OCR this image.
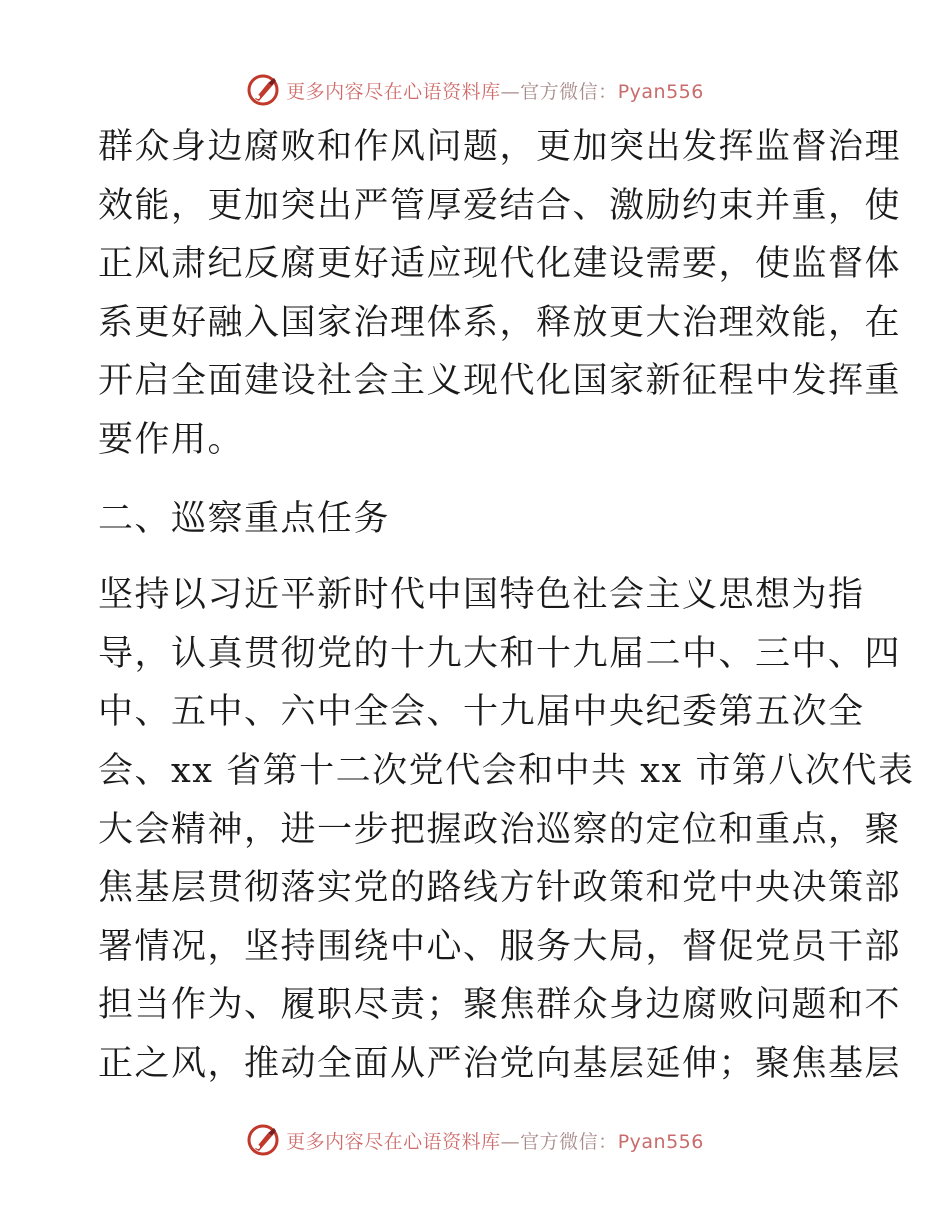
更多内容尽在心语资料库—官方微信：Pyan556
群众身边腐败和作风问题，更加突出发挥监督治理
效能，更加突出严管厚爱结合、激励约束并重，使
正风肃纪反腐更好适应现代化建设需要，使监督体
系更好融入国家治理体系，释放更大治理效能，在
开启全面建设社会主义现代化国家新征程中发挥重
要作用。
二、巡察重点任务
坚持以习近平新时代中国特色社会主义思想为指
导，认真贯彻党的十九大和十九届二中、三中、四
中、五中、六中全会、十九届中央纪委第五次全
会、xx 省第十二次党代会和中共 xx 市第八次代表
大会精神，进一步把握政治巡察的定位和重点，聚
焦基层贯彻落实党的路线方针政策和党中央决策部
署情况，坚持围绕中心、服务大局，督促党员干部
担当作为、履职尽责；聚焦群众身边腐败问题和不
正之风，推动全面从严治党向基层延伸；聚焦基层
更多内容尽在心语资料库—官方微信：Pyan556
